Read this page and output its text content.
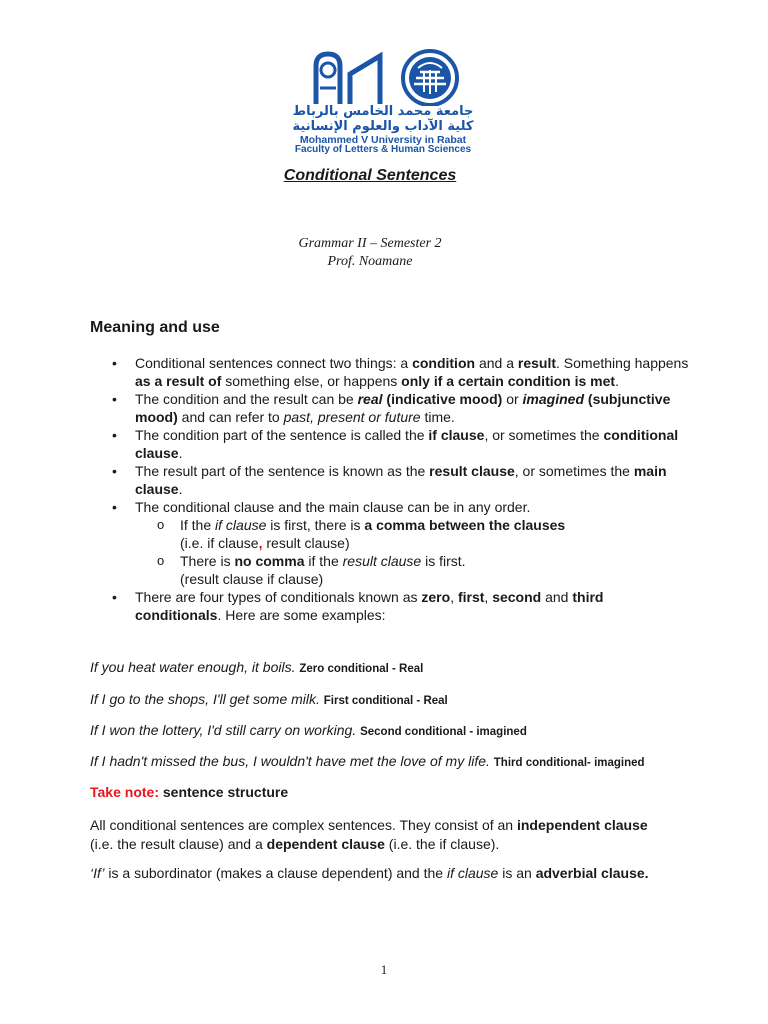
جامعة محمد الخامس بالرباط
كلية الآداب والعلوم الإنسانية
Mohammed V University in Rabat
Faculty of Letters & Human Sciences
Conditional Sentences
Grammar II – Semester 2
Prof. Noamane
Meaning and use
• Conditional sentences connect two things: a condition and a result. Something happens as a result of something else, or happens only if a certain condition is met.
• The condition and the result can be real (indicative mood) or imagined (subjunctive mood) and can refer to past, present or future time.
• The condition part of the sentence is called the if clause, or sometimes the conditional clause.
• The result part of the sentence is known as the result clause, or sometimes the main clause.
• The conditional clause and the main clause can be in any order.
o If the if clause is first, there is a comma between the clauses
(i.e. if clause, result clause)
o There is no comma if the result clause is first.
(result clause if clause)
• There are four types of conditionals known as zero, first, second and third conditionals. Here are some examples:
If you heat water enough, it boils. Zero conditional - Real
If I go to the shops, I'll get some milk. First conditional - Real
If I won the lottery, I'd still carry on working. Second conditional - imagined
If I hadn't missed the bus, I wouldn't have met the love of my life. Third conditional- imagined
Take note: sentence structure
All conditional sentences are complex sentences. They consist of an independent clause (i.e. the result clause) and a dependent clause (i.e. the if clause).
‘If’ is a subordinator (makes a clause dependent) and the if clause is an adverbial clause.
1
